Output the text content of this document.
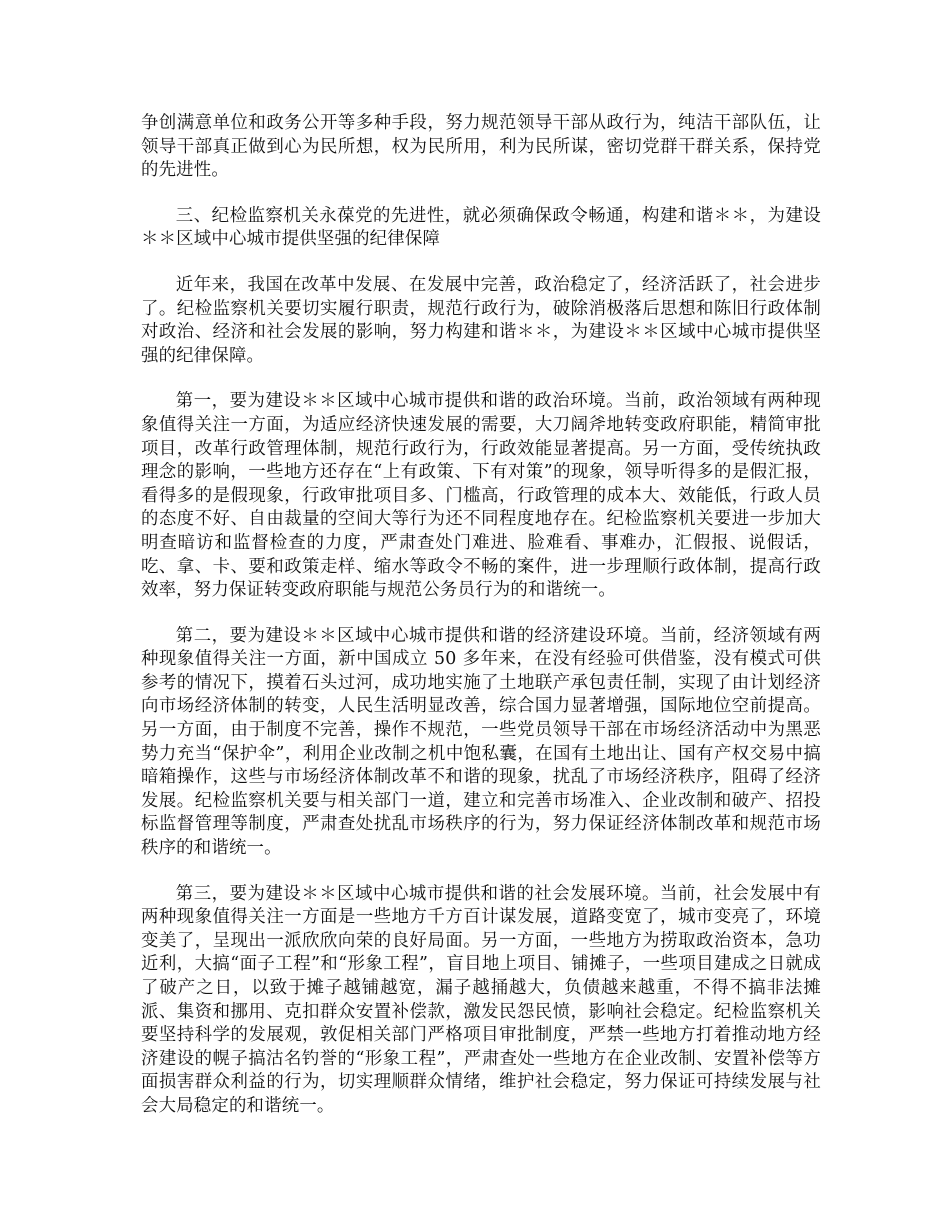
争创满意单位和政务公开等多种手段，努力规范领导干部从政行为，纯洁干部队伍，让领导干部真正做到心为民所想，权为民所用，利为民所谋，密切党群干群关系，保持党的先进性。

三、纪检监察机关永葆党的先进性，就必须确保政令畅通，构建和谐＊＊，为建设＊＊区域中心城市提供坚强的纪律保障

近年来，我国在改革中发展、在发展中完善，政治稳定了，经济活跃了，社会进步了。纪检监察机关要切实履行职责，规范行政行为，破除消极落后思想和陈旧行政体制对政治、经济和社会发展的影响，努力构建和谐＊＊，为建设＊＊区域中心城市提供坚强的纪律保障。

第一，要为建设＊＊区域中心城市提供和谐的政治环境。当前，政治领域有两种现象值得关注一方面，为适应经济快速发展的需要，大刀阔斧地转变政府职能，精简审批项目，改革行政管理体制，规范行政行为，行政效能显著提高。另一方面，受传统执政理念的影响，一些地方还存在“上有政策、下有对策”的现象，领导听得多的是假汇报，看得多的是假现象，行政审批项目多、门槛高，行政管理的成本大、效能低，行政人员的态度不好、自由裁量的空间大等行为还不同程度地存在。纪检监察机关要进一步加大明查暗访和监督检查的力度，严肃查处门难进、脸难看、事难办，汇假报、说假话，吃、拿、卡、要和政策走样、缩水等政令不畅的案件，进一步理顺行政体制，提高行政效率，努力保证转变政府职能与规范公务员行为的和谐统一。

第二，要为建设＊＊区域中心城市提供和谐的经济建设环境。当前，经济领域有两种现象值得关注一方面，新中国成立 50 多年来，在没有经验可供借鉴，没有模式可供参考的情况下，摸着石头过河，成功地实施了土地联产承包责任制，实现了由计划经济向市场经济体制的转变，人民生活明显改善，综合国力显著增强，国际地位空前提高。另一方面，由于制度不完善，操作不规范，一些党员领导干部在市场经济活动中为黑恶势力充当“保护伞”，利用企业改制之机中饱私囊，在国有土地出让、国有产权交易中搞暗箱操作，这些与市场经济体制改革不和谐的现象，扰乱了市场经济秩序，阻碍了经济发展。纪检监察机关要与相关部门一道，建立和完善市场准入、企业改制和破产、招投标监督管理等制度，严肃查处扰乱市场秩序的行为，努力保证经济体制改革和规范市场秩序的和谐统一。

第三，要为建设＊＊区域中心城市提供和谐的社会发展环境。当前，社会发展中有两种现象值得关注一方面是一些地方千方百计谋发展，道路变宽了，城市变亮了，环境变美了，呈现出一派欣欣向荣的良好局面。另一方面，一些地方为捞取政治资本，急功近利，大搞“面子工程”和“形象工程”，盲目地上项目、铺摊子，一些项目建成之日就成了破产之日，以致于摊子越铺越宽，漏子越捅越大，负债越来越重，不得不搞非法摊派、集资和挪用、克扣群众安置补偿款，激发民怨民愤，影响社会稳定。纪检监察机关要坚持科学的发展观，敦促相关部门严格项目审批制度，严禁一些地方打着推动地方经济建设的幌子搞沽名钓誉的“形象工程”，严肃查处一些地方在企业改制、安置补偿等方面损害群众利益的行为，切实理顺群众情绪，维护社会稳定，努力保证可持续发展与社会大局稳定的和谐统一。
